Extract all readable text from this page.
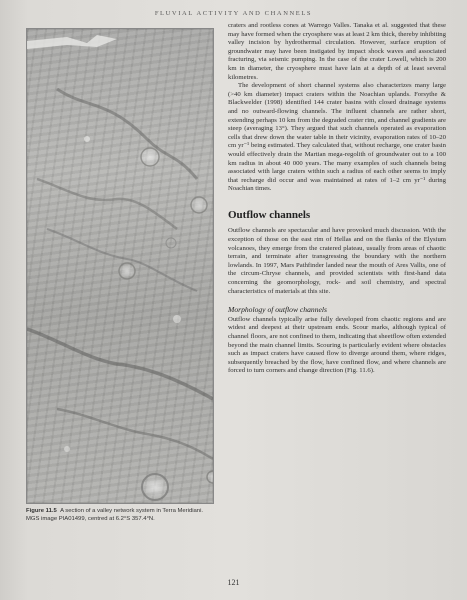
FLUVIAL ACTIVITY AND CHANNELS
Figure 11.5 A section of a valley network system in Terra Meridiani. MGS image PIA01499, centred at 6.2°S 357.4°N.

craters and rootless cones at Warrego Valles. Tanaka et al. suggested that these may have formed when the cryosphere was at least 2 km thick, thereby inhibiting valley incision by hydrothermal circulation. However, surface eruption of groundwater may have been instigated by impact shock waves and associated fracturing, via seismic pumping. In the case of the crater Lowell, which is 200 km in diameter, the cryosphere must have lain at a depth of at least several kilometres.

The development of short channel systems also characterizes many large (>40 km diameter) impact craters within the Noachian uplands. Forsythe & Blackwelder (1998) identified 144 crater basins with closed drainage systems and no outward-flowing channels. The influent channels are rather short, extending perhaps 10 km from the degraded crater rim, and channel gradients are steep (averaging 13°). They argued that such channels operated as evaporation cells that drew down the water table in their vicinity, evaporation rates of 10–20 cm yr⁻¹ being estimated. They calculated that, without recharge, one crater basin would effectively drain the Martian mega-regolith of groundwater out to a 100 km radius in about 40 000 years. The many examples of such channels being associated with large craters within such a radius of each other seems to imply that recharge did occur and was maintained at rates of 1–2 cm yr⁻¹ during Noachian times.

Outflow channels

Outflow channels are spectacular and have provoked much discussion. With the exception of those on the east rim of Hellas and on the flanks of the Elysium volcanoes, they emerge from the cratered plateau, usually from areas of chaotic terrain, and terminate after transgressing the boundary with the northern lowlands. In 1997, Mars Pathfinder landed near the mouth of Ares Vallis, one of the circum-Chryse channels, and provided scientists with first-hand data concerning the geomorphology, rock- and soil chemistry, and spectral characteristics of materials at this site.

Morphology of outflow channels

Outflow channels typically arise fully developed from chaotic regions and are widest and deepest at their upstream ends. Scour marks, although typical of channel floors, are not confined to them, indicating that sheetflow often extended beyond the main channel limits. Scouring is particularly evident where obstacles such as impact craters have caused flow to diverge around them, where ridges, subsequently breached by the flow, have confined flow, and where channels are forced to turn corners and change direction (Fig. 11.6).

121
